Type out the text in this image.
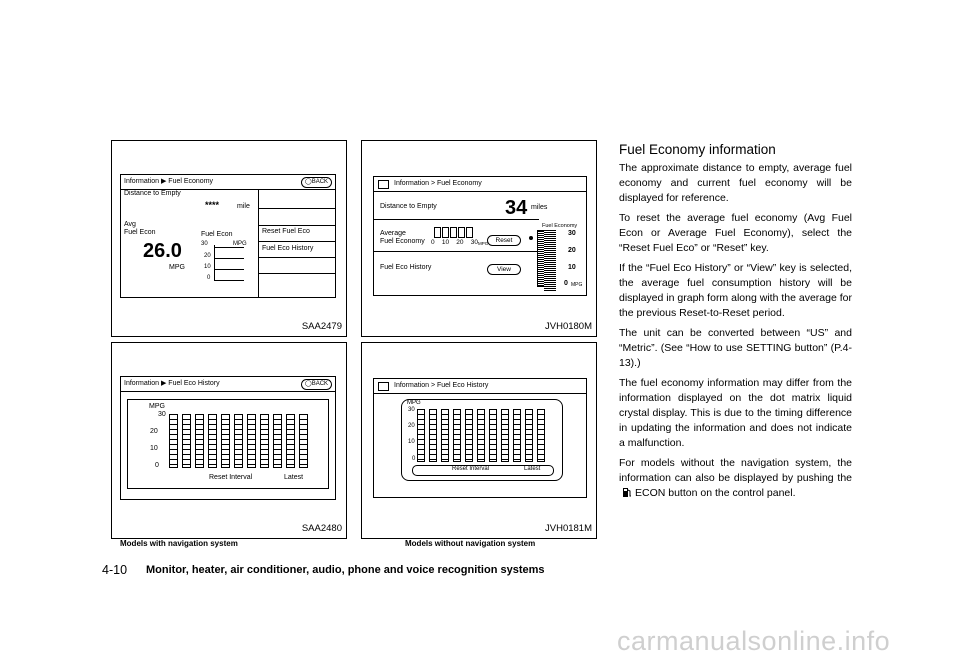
Information ▶ Fuel Economy	◯BACK
Distance to Empty
****	mile
Avg
Fuel Econ
26.0
MPG
Fuel Econ
MPG
30
20
10
0
Reset Fuel Eco
Fuel Eco History
SAA2479
Information > Fuel Economy
Distance to Empty	34 miles
Average
Fuel Economy 0    10    20    30 MPG	Reset
Fuel Eco History	View
Fuel Economy
30
20
10
0 MPG
JVH0180M
Information ▶ Fuel Eco History	◯BACK
MPG
30
20
10
0
Reset Interval	Latest
SAA2480
Models with navigation system
Information > Fuel Eco History
MPG
30
20
10
0
Reset Interval	Latest
JVH0181M
Models without navigation system
Fuel Economy information

The approximate distance to empty, average fuel economy and current fuel economy will be displayed for reference.

To reset the average fuel economy (Avg Fuel Econ or Average Fuel Economy), select the “Reset Fuel Eco” or “Reset” key.

If the “Fuel Eco History” or “View” key is selected, the average fuel consumption history will be displayed in graph form along with the average for the previous Reset-to-Reset period.

The unit can be converted between “US” and “Metric”. (See “How to use SETTING button” (P.4-13).)

The fuel economy information may differ from the information displayed on the dot matrix liquid crystal display. This is due to the timing difference in updating the information and does not indicate a malfunction.

For models without the navigation system, the information can also be displayed by pushing the ECON button on the control panel.

4-10 Monitor, heater, air conditioner, audio, phone and voice recognition systems
carmanualsonline.info
